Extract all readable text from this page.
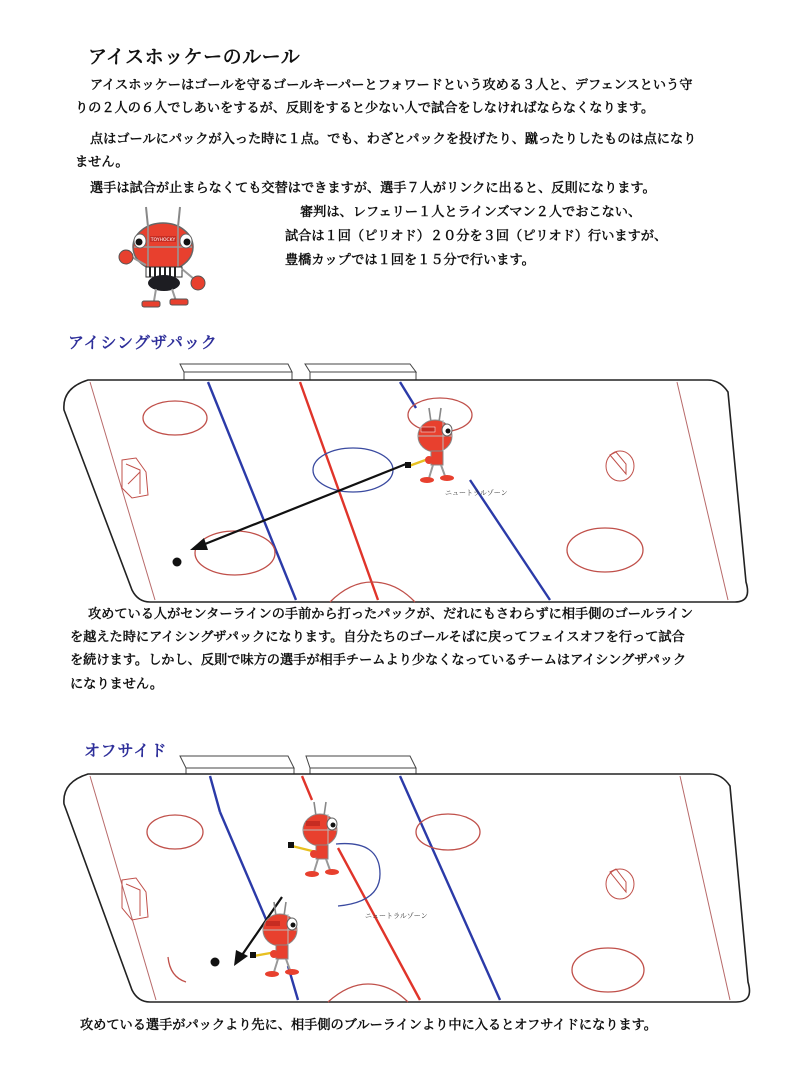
アイスホッケーのルール
アイスホッケーはゴールを守るゴールキーパーとフォワードという攻める３人と、デフェンスという守
りの２人の６人でしあいをするが、反則をすると少ない人で試合をしなければならなくなります。
点はゴールにパックが入った時に１点。でも、わざとパックを投げたり、蹴ったりしたものは点になり
ません。
選手は試合が止まらなくても交替はできますが、選手７人がリンクに出ると、反則になります。
審判は、レフェリー１人とラインズマン２人でおこない、
試合は１回（ピリオド）２０分を３回（ピリオド）行いますが、
豊橋カップでは１回を１５分で行います。
TOYHOCKY
アイシングザパック
ニュートラルゾーン
攻めている人がセンターラインの手前から打ったパックが、だれにもさわらずに相手側のゴールライン
を越えた時にアイシングザパックになります。自分たちのゴールそばに戻ってフェイスオフを行って試合
を続けます。しかし、反則で味方の選手が相手チームより少なくなっているチームはアイシングザパック
になりません。
オフサイド
ニュートラルゾーン
攻めている選手がパックより先に、相手側のブルーラインより中に入るとオフサイドになります。
